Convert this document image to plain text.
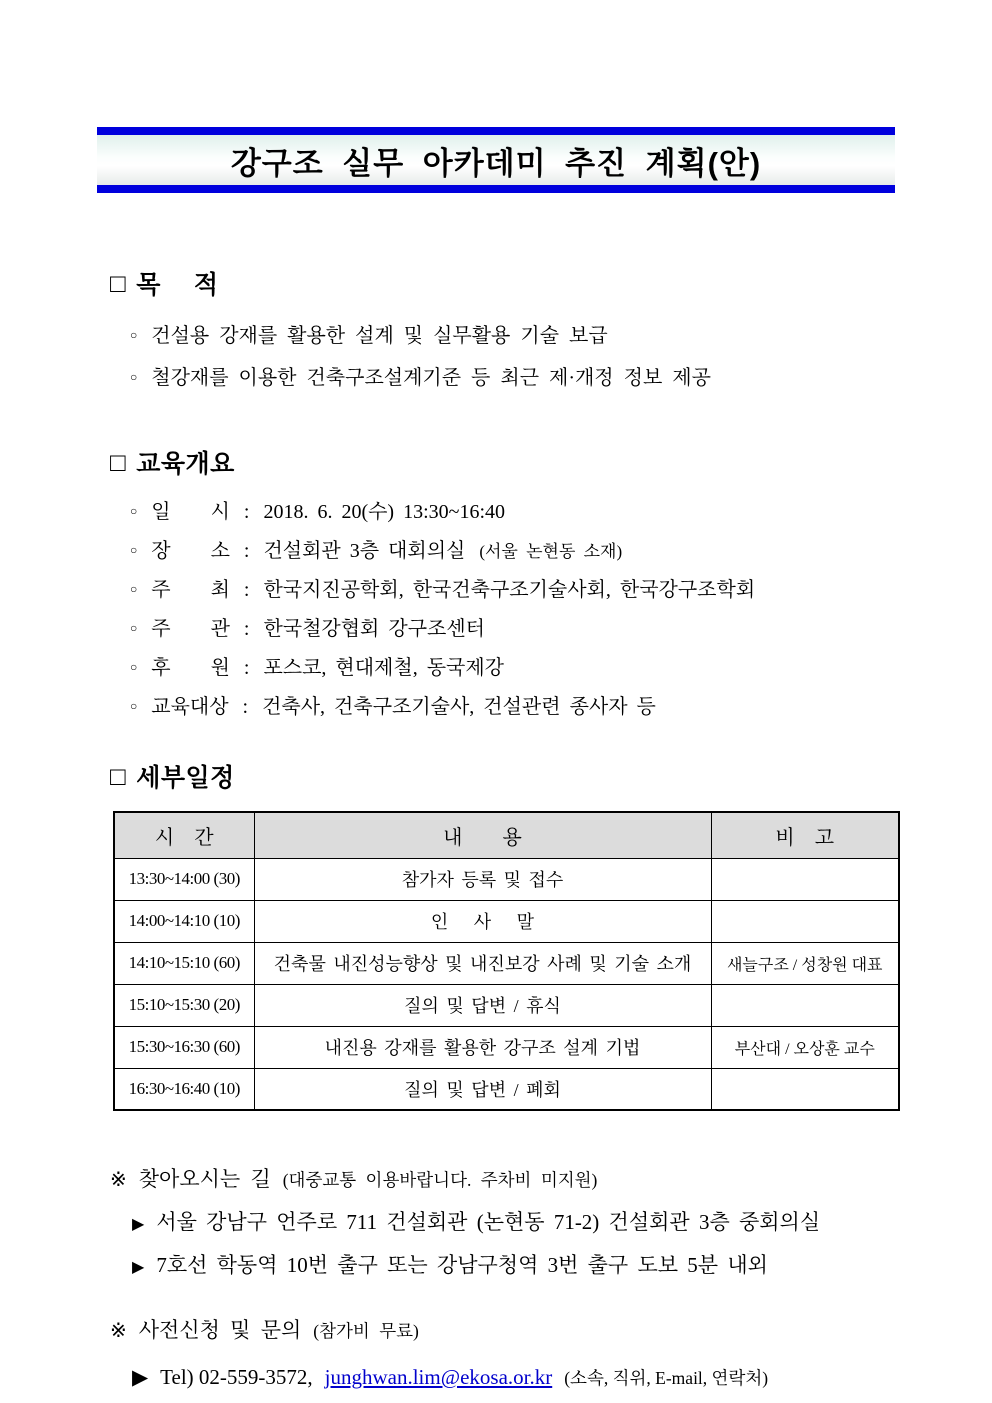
강구조 실무 아카데미 추진 계획(안)
□ 목　 적
○ 건설용 강재를 활용한 설계 및 실무활용 기술 보급
○ 철강재를 이용한 건축구조설계기준 등 최근 제·개정 정보 제공
□ 교육개요
○ 일　　시 : 2018. 6. 20(수) 13:30~16:40
○ 장　　소 : 건설회관 3층 대회의실 (서울 논현동 소재)
○ 주　　최 : 한국지진공학회, 한국건축구조기술사회, 한국강구조학회
○ 주　　관 : 한국철강협회 강구조센터
○ 후　　원 : 포스코, 현대제철, 동국제강
○ 교육대상 : 건축사, 건축구조기술사, 건설관련 종사자 등
□ 세부일정
시　간	내　　용	비　고
13:30~14:00 (30)	참가자 등록 및 접수	
14:00~14:10 (10)	인　 사　 말	
14:10~15:10 (60)	건축물 내진성능향상 및 내진보강 사례 및 기술 소개	새늘구조 / 성창원 대표
15:10~15:30 (20)	질의 및 답변 / 휴식	
15:30~16:30 (60)	내진용 강재를 활용한 강구조 설계 기법	부산대 / 오상훈 교수
16:30~16:40 (10)	질의 및 답변 / 폐회	
※ 찾아오시는 길 (대중교통 이용바랍니다. 주차비 미지원)
▶ 서울 강남구 언주로 711 건설회관 (논현동 71-2) 건설회관 3층 중회의실
▶ 7호선 학동역 10번 출구 또는 강남구청역 3번 출구 도보 5분 내외
※ 사전신청 및 문의 (참가비 무료)
▶ Tel) 02-559-3572, junghwan.lim@ekosa.or.kr (소속, 직위, E-mail, 연락처)
